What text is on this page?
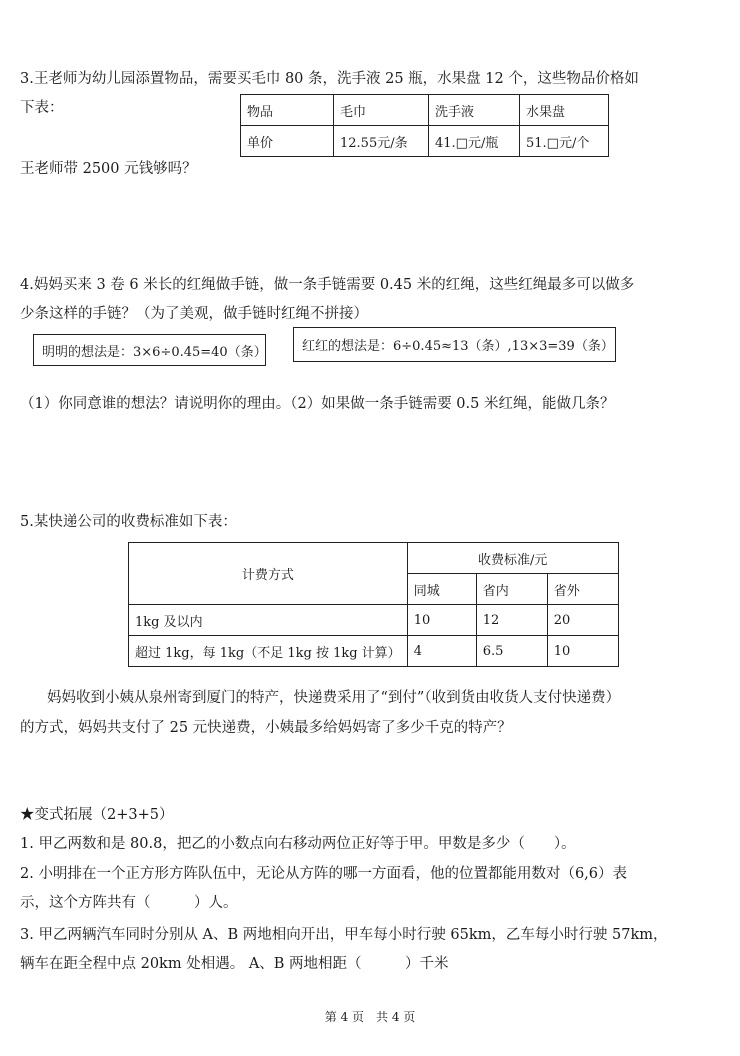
3.王老师为幼儿园添置物品，需要买毛巾 80 条，洗手液 25 瓶，水果盘 12 个，这些物品价格如
下表：	物品	毛巾	洗手液	水果盘
单价	12.55元/条	41.□元/瓶	51.□元/个
王老师带 2500 元钱够吗？
4.妈妈买来 3 卷 6 米长的红绳做手链，做一条手链需要 0.45 米的红绳，这些红绳最多可以做多
少条这样的手链？（为了美观，做手链时红绳不拼接）
明明的想法是：3×6÷0.45=40（条）	红红的想法是：6÷0.45≈13（条）,13×3=39（条）
（1）你同意谁的想法？请说明你的理由。（2）如果做一条手链需要 0.5 米红绳，能做几条？
5.某快递公司的收费标准如下表：
计费方式	收费标准/元		
	同城	省内	省外
1kg 及以内	10	12	20
超过 1kg，每 1kg（不足 1kg 按 1kg 计算）	4	6.5	10
妈妈收到小姨从泉州寄到厦门的特产，快递费采用了“到付”（收到货由收货人支付快递费）
的方式，妈妈共支付了 25 元快递费，小姨最多给妈妈寄了多少千克的特产？
★变式拓展（2+3+5）
1. 甲乙两数和是 80.8，把乙的小数点向右移动两位正好等于甲。甲数是多少（　　）。
2. 小明排在一个正方形方阵队伍中，无论从方阵的哪一方面看，他的位置都能用数对（6,6）表
示，这个方阵共有（　　　）人。
3. 甲乙两辆汽车同时分别从 A、B 两地相向开出，甲车每小时行驶 65km，乙车每小时行驶 57km，
辆车在距全程中点 20km 处相遇。 A、B 两地相距（　　　）千米
第 4 页　共 4 页
